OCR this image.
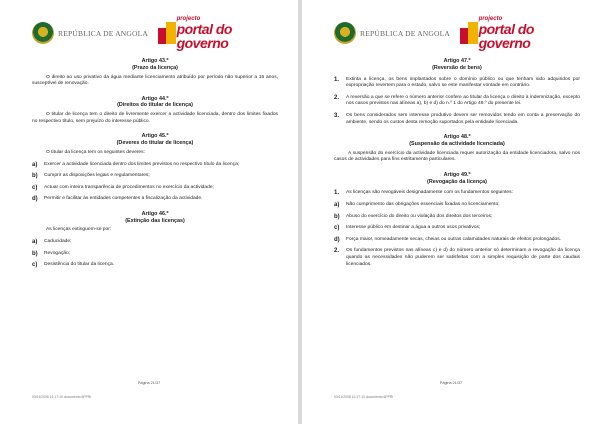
REPÚBLICA DE ANGOLA
projecto
portal do governo
Artigo 43.º
(Prazo da licença)

O direito ao uso privativo da água mediante licenciamento atribuído por período não superior a 15 anos, susceptível de renovação.

Artigo 44.º
(Direitos do titular de licença)

O titular de licença tem o direito de livremente exercer a actividade licenciada, dentro dos limites fixados no respectivo título, sem prejuízo do interesse público.

Artigo 45.º
(Deveres do titular de licença)

O titular da licença tem os seguintes deveres:

a)	Exercer a actividade licenciada dentro dos limites previstos no respectivo título da licença;
b)	Cumprir as disposições legais e regulamentares;
c)	Actuar com inteira transparência de procedimentos no exercício da actividade;
d)	Permitir e facilitar às entidades competentes a fiscalização da actividade.
Artigo 46.º
(Extinção das licenças)

As licenças extinguem-se por:

a)	Caducidade;
b)	Revogação;
c)	Desistência do titular da licença.
Página 21/37
03/11/2008 12:17:10 documento 6PPRI
REPÚBLICA DE ANGOLA
projecto
portal do governo
Artigo 47.º
(Reversão de bens)
1.	Extinta a licença, os bens implantados sobre o domínio público ou que tenham sido adquiridos por expropriação revertem para o estado, salvo se este manifestar vontade em contrário.
2.	A reversão a que se refere o número anterior confere ao titular da licença o direito à indemnização, excepto nos casos previstos nas alíneas a), b) e d) do n.º 1 do Artigo 49.º do presente lei.
3.	Os bens considerados sem interesse produtivo devem ser removidos tendo em conta a preservação do ambiente, sendo os custos desta remoção suportados pela entidade licenciada.
Artigo 48.º
(Suspensão da actividade licenciada)

A suspensão do exercício da actividade licenciada requer autorização da entidade licenciadora, salvo nos casos de actividades para fins estritamente particulares.

Artigo 49.º
(Revogação da licença)
1.	As licenças são revogáveis designadamente com os fundamentos seguintes:
a)	Não cumprimento das obrigações essenciais fixadas no licenciamento;
b)	Abuso do exercício do direito ou violação dos direitos dos terceiros;
c)	Interesse público em destinar a água a outros usos privativos;
d)	Força maior, nomeadamente secas, cheias ou outras calamidades naturais de efeitos prolongados.
2.	Os fundamentos previstos nas alíneas c) e d) do número anterior só determinam a revogação da licença quando as necessidades não puderem ser satisfeitas com a simples requisição de parte dos caudais licenciados.
Página 21/37
03/11/2008 12:17:10 documento 6PPRI
